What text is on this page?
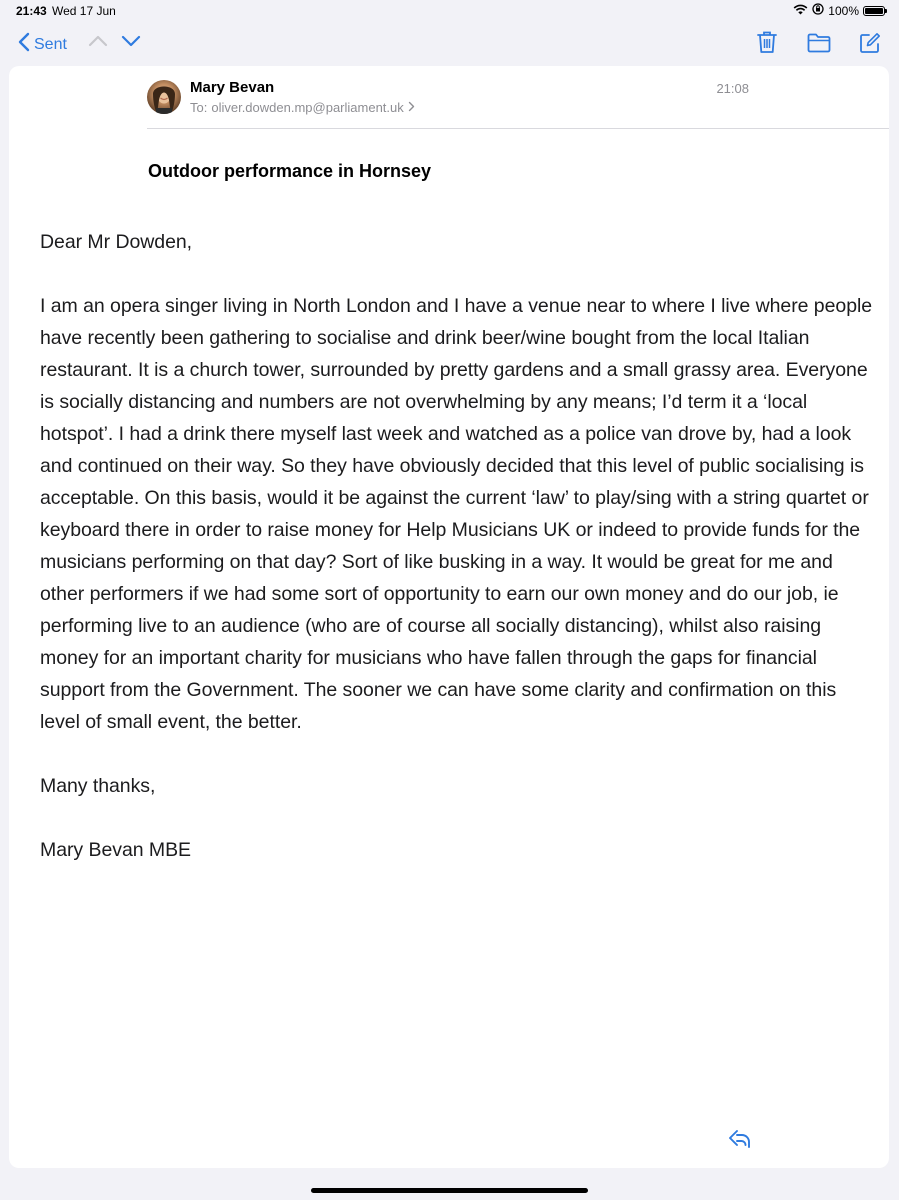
21:43 Wed 17 Jun	100%
Sent
Mary Bevan
To: oliver.dowden.mp@parliament.uk
21:08
Outdoor performance in Hornsey

Dear Mr Dowden,

I am an opera singer living in North London and I have a venue near to where I live where people have recently been gathering to socialise and drink beer/wine bought from the local Italian restaurant. It is a church tower, surrounded by pretty gardens and a small grassy area. Everyone is socially distancing and numbers are not overwhelming by any means; I’d term it a ‘local hotspot’. I had a drink there myself last week and watched as a police van drove by, had a look and continued on their way. So they have obviously decided that this level of public socialising is acceptable. On this basis, would it be against the current ‘law’ to play/sing with a string quartet or keyboard there in order to raise money for Help Musicians UK or indeed to provide funds for the musicians performing on that day? Sort of like busking in a way. It would be great for me and other performers if we had some sort of opportunity to earn our own money and do our job, ie performing live to an audience (who are of course all socially distancing), whilst also raising money for an important charity for musicians who have fallen through the gaps for financial support from the Government. The sooner we can have some clarity and confirmation on this level of small event, the better.

Many thanks,

Mary Bevan MBE
